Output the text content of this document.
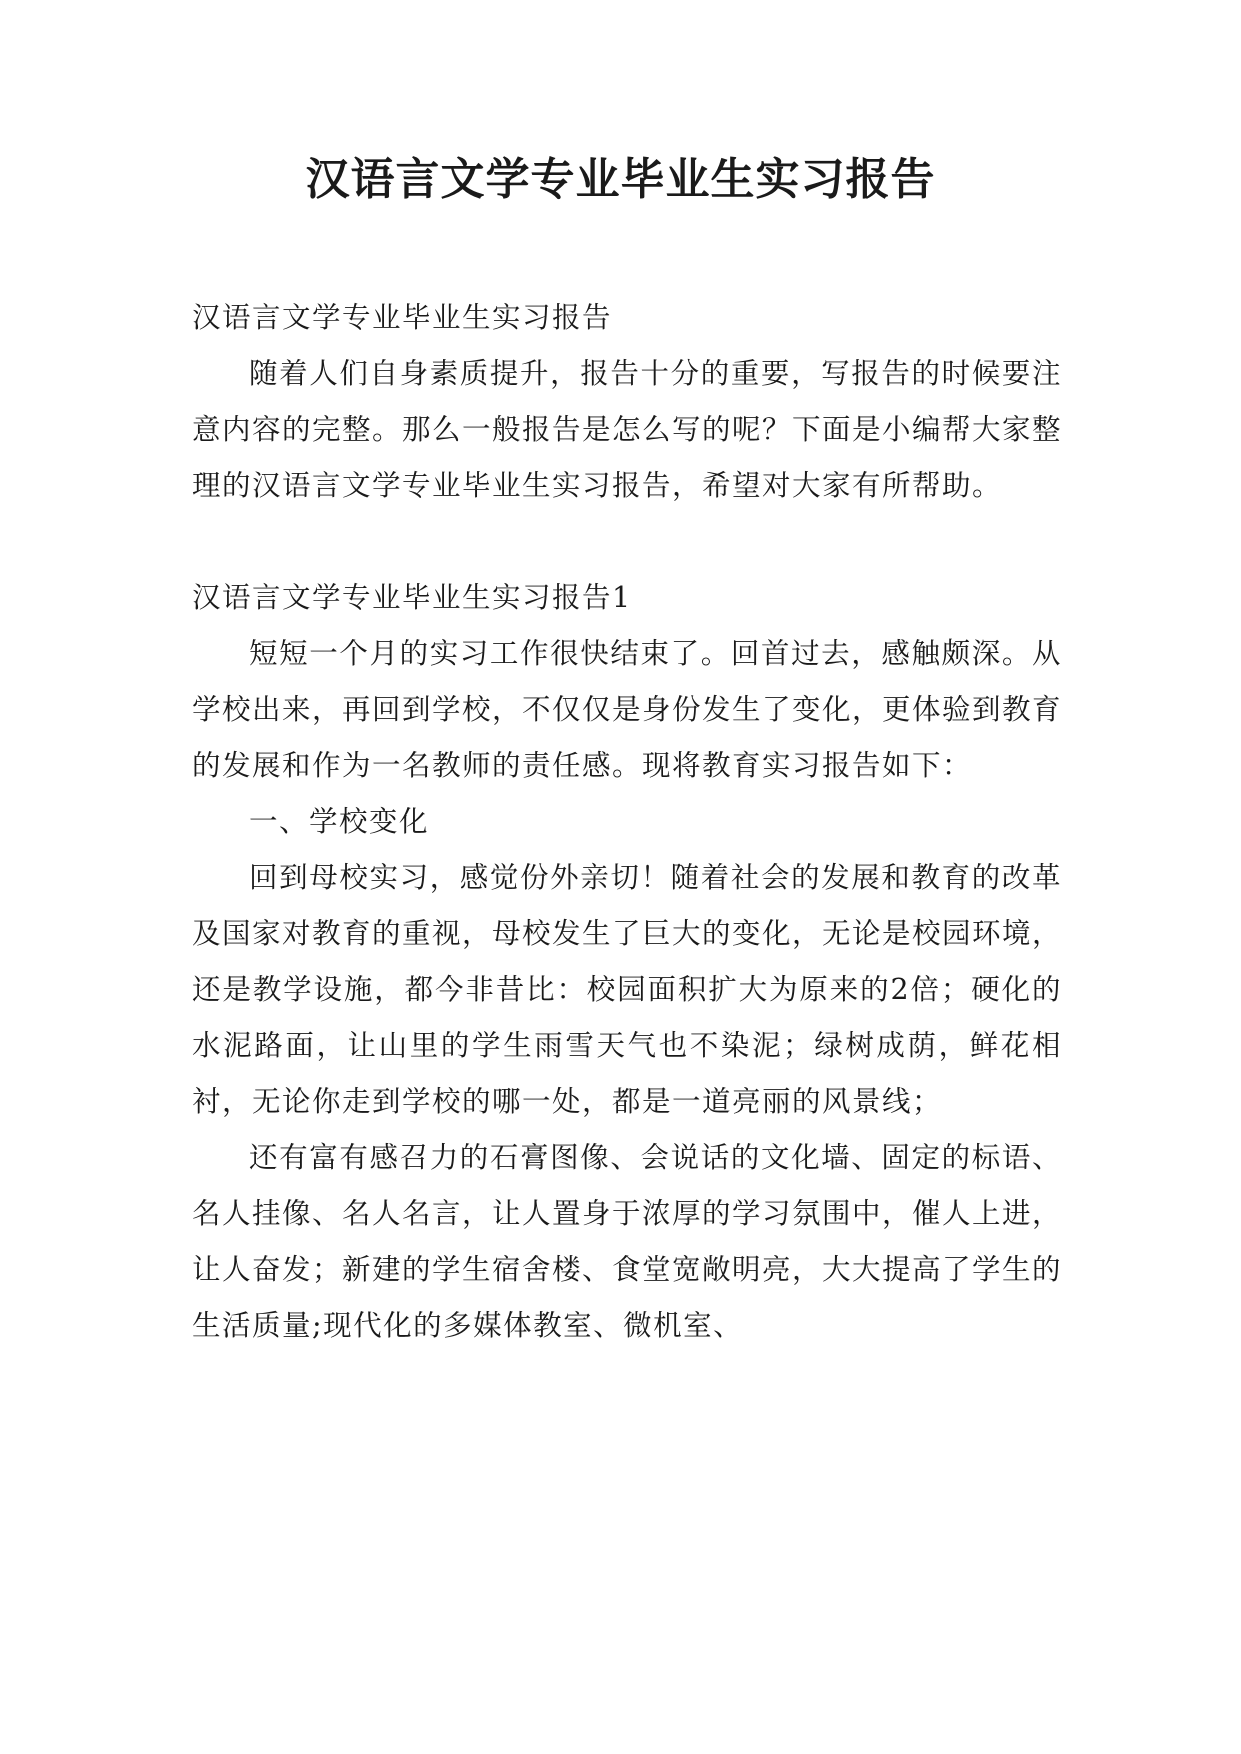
汉语言文学专业毕业生实习报告

汉语言文学专业毕业生实习报告

随着人们自身素质提升，报告十分的重要，写报告的时候要注意内容的完整。那么一般报告是怎么写的呢？下面是小编帮大家整理的汉语言文学专业毕业生实习报告，希望对大家有所帮助。

汉语言文学专业毕业生实习报告1

短短一个月的实习工作很快结束了。回首过去，感触颇深。从学校出来，再回到学校，不仅仅是身份发生了变化，更体验到教育的发展和作为一名教师的责任感。现将教育实习报告如下：

一、学校变化

回到母校实习，感觉份外亲切！随着社会的发展和教育的改革及国家对教育的重视，母校发生了巨大的变化，无论是校园环境，还是教学设施，都今非昔比：校园面积扩大为原来的2倍；硬化的水泥路面，让山里的学生雨雪天气也不染泥；绿树成荫，鲜花相衬，无论你走到学校的哪一处，都是一道亮丽的风景线；

还有富有感召力的石膏图像、会说话的文化墙、固定的标语、名人挂像、名人名言，让人置身于浓厚的学习氛围中，催人上进，让人奋发；新建的学生宿舍楼、食堂宽敞明亮，大大提高了学生的生活质量;现代化的多媒体教室、微机室、
